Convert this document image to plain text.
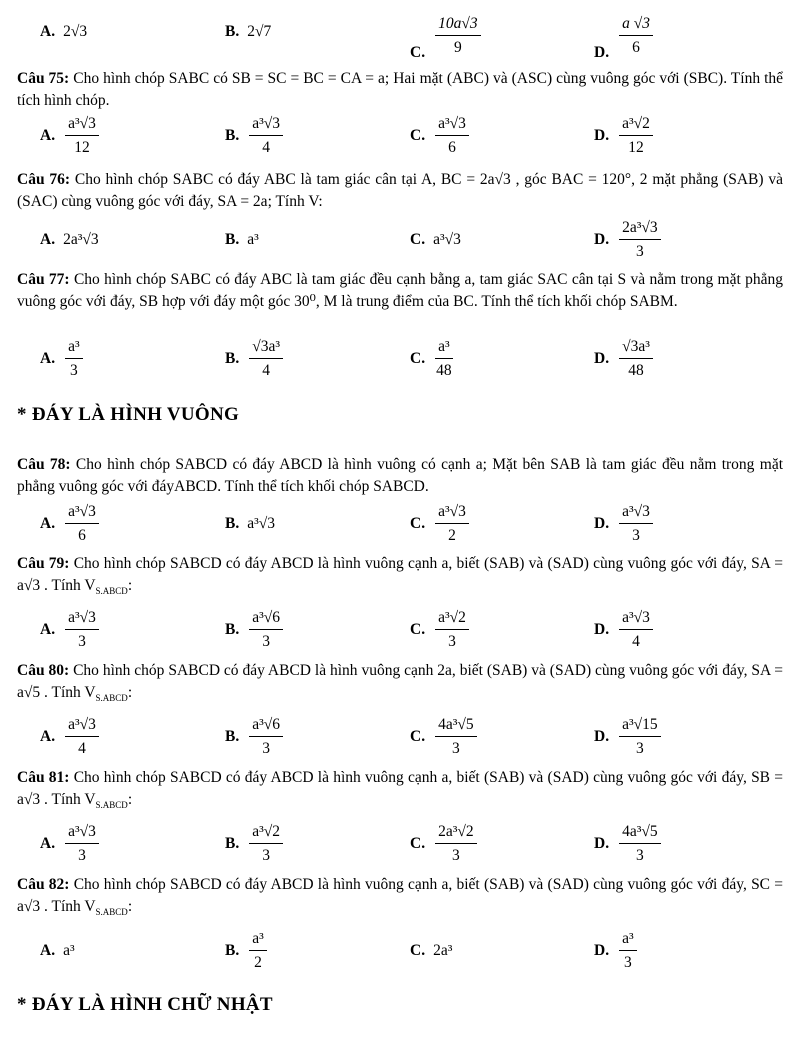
A. 2√3	B. 2√7
C. $\frac{10a√3}{9}$	D. $\frac{a √3}{6}$
Câu 75: Cho hình chóp SABC có SB = SC = BC = CA = a; Hai mặt (ABC) và (ASC) cùng vuông góc với (SBC). Tính thể tích hình chóp.
A. $\frac{\text{a³√3}}{12}$	B. $\frac{\text{a³√3}}{4}$	C. $\frac{\text{a³√3}}{6}$	D. $\frac{\text{a³√2}}{12}$
Câu 76: Cho hình chóp SABC có đáy ABC là tam giác cân tại A, BC = 2a√3 , góc BAC = 120°, 2 mặt phẳng (SAB) và (SAC) cùng vuông góc với đáy, SA = 2a; Tính V:
A. 2a³√3	B. a³	C. a³√3	D. $\frac{\text{2a³√3}}{3}$
Câu 77: Cho hình chóp SABC có đáy ABC là tam giác đều cạnh bằng a, tam giác SAC cân tại S và nằm trong mặt phẳng vuông góc với đáy, SB hợp với đáy một góc 30⁰, M là trung điểm của BC. Tính thể tích khối chóp SABM.
A. $\frac{\text{a³}}{3}$	B. $\frac{\text{√3a³}}{4}$	C. $\frac{\text{a³}}{48}$	D. $\frac{\text{√3a³}}{48}$
* ĐÁY LÀ HÌNH VUÔNG
Câu 78: Cho hình chóp SABCD có đáy ABCD là hình vuông có cạnh a; Mặt bên SAB là tam giác đều nằm trong mặt phẳng vuông góc với đáyABCD. Tính thể tích khối chóp SABCD.
A. $\frac{\text{a³√3}}{6}$	B. a³√3	C. $\frac{\text{a³√3}}{2}$	D. $\frac{\text{a³√3}}{3}$
Câu 79: Cho hình chóp SABCD có đáy ABCD là hình vuông cạnh a, biết (SAB) và (SAD) cùng vuông góc với đáy, SA = a√3 . Tính $V_{S.ABCD}$:
A. $\frac{\text{a³√3}}{3}$	B. $\frac{\text{a³√6}}{3}$	C. $\frac{\text{a³√2}}{3}$	D. $\frac{\text{a³√3}}{4}$
Câu 80: Cho hình chóp SABCD có đáy ABCD là hình vuông cạnh 2a, biết (SAB) và (SAD) cùng vuông góc với đáy, SA = a√5 . Tính $V_{S.ABCD}$:
A. $\frac{\text{a³√3}}{4}$	B. $\frac{\text{a³√6}}{3}$	C. $\frac{\text{4a³√5}}{3}$	D. $\frac{\text{a³√15}}{3}$
Câu 81: Cho hình chóp SABCD có đáy ABCD là hình vuông cạnh a, biết (SAB) và (SAD) cùng vuông góc với đáy, SB = a√3 . Tính $V_{S.ABCD}$:
A. $\frac{\text{a³√3}}{3}$	B. $\frac{\text{a³√2}}{3}$	C. $\frac{\text{2a³√2}}{3}$	D. $\frac{\text{4a³√5}}{3}$
Câu 82: Cho hình chóp SABCD có đáy ABCD là hình vuông cạnh a, biết (SAB) và (SAD) cùng vuông góc với đáy, SC = a√3 . Tính $V_{S.ABCD}$:
A. a³	B. $\frac{\text{a³}}{2}$	C. 2a³	D. $\frac{\text{a³}}{3}$
* ĐÁY LÀ HÌNH CHỮ NHẬT
